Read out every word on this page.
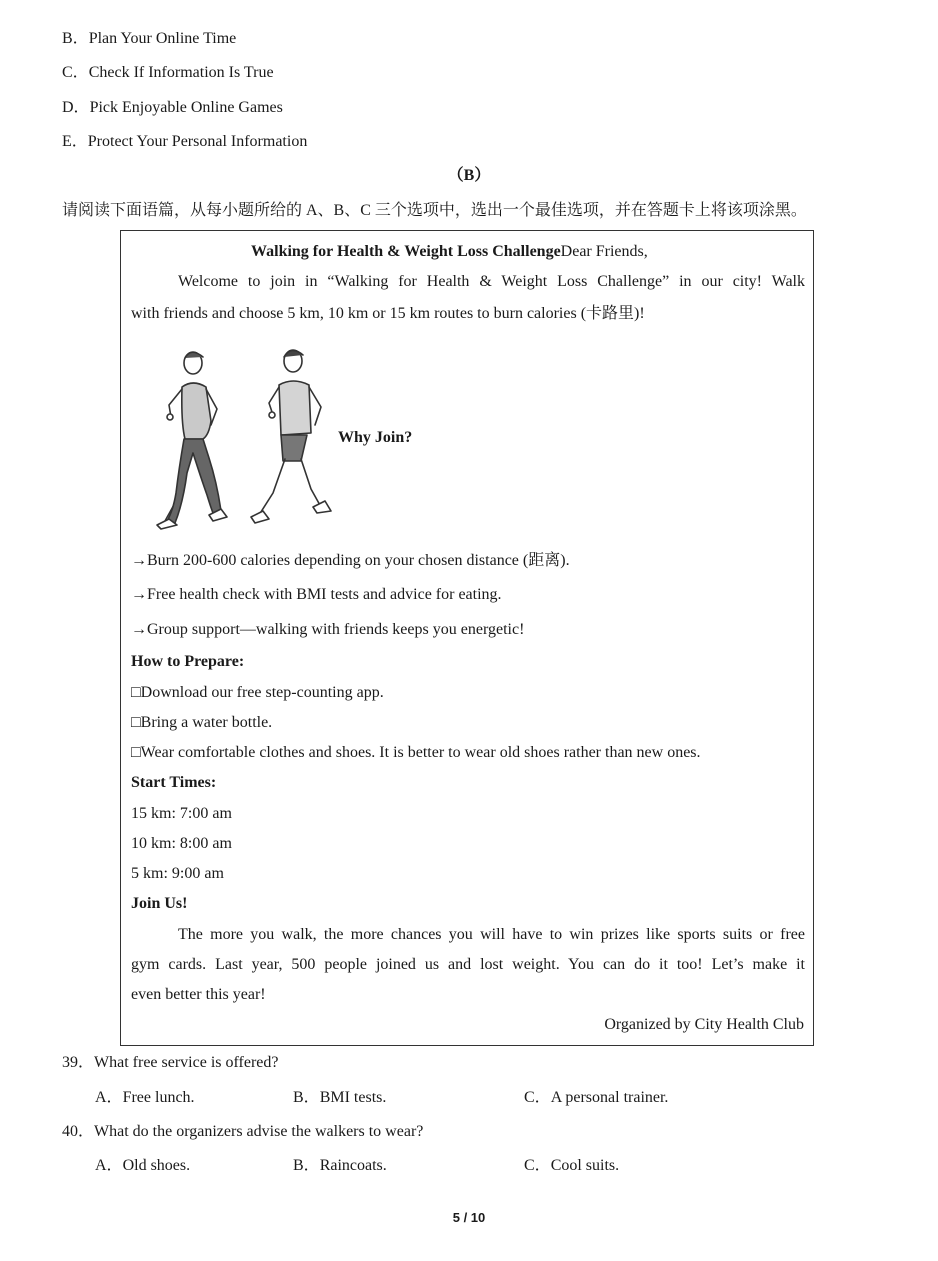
B．Plan Your Online Time
C．Check If Information Is True
D．Pick Enjoyable Online Games
E．Protect Your Personal Information
（B）
请阅读下面语篇，从每小题所给的 A、B、C 三个选项中，选出一个最佳选项，并在答题卡上将该项涂黑。
Walking for Health & Weight Loss ChallengeDear Friends,
Welcome to join in “Walking for Health & Weight Loss Challenge” in our city! Walk
with friends and choose 5 km, 10 km or 15 km routes to burn calories (卡路里)!
Why Join?
→Burn 200-600 calories depending on your chosen distance (距离).
→Free health check with BMI tests and advice for eating.
→Group support—walking with friends keeps you energetic!
How to Prepare:
□Download our free step-counting app.
□Bring a water bottle.
□Wear comfortable clothes and shoes. It is better to wear old shoes rather than new ones.
Start Times:
15 km: 7:00 am
10 km: 8:00 am
5 km: 9:00 am
Join Us!
The more you walk, the more chances you will have to win prizes like sports suits or free
gym cards. Last year, 500 people joined us and lost weight. You can do it too! Let’s make it
even better this year!
Organized by City Health Club
39．What free service is offered?
A．Free lunch.	B．BMI tests.	C．A personal trainer.
40．What do the organizers advise the walkers to wear?
A．Old shoes.	B．Raincoats.	C．Cool suits.
5 / 10
